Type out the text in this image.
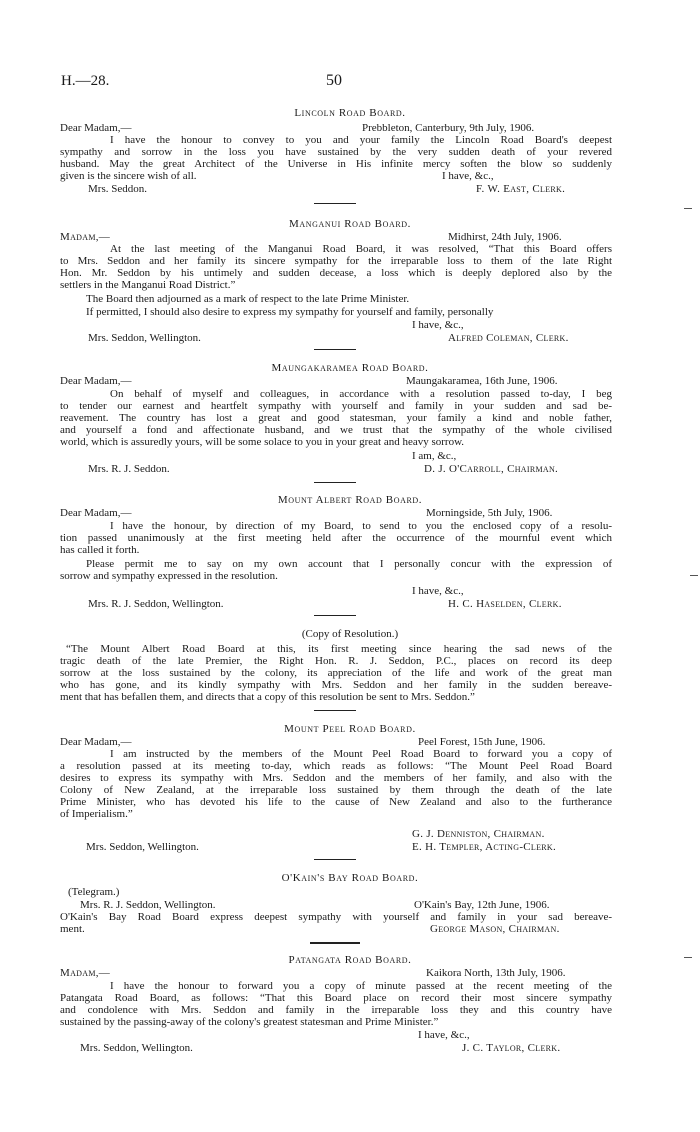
H.—28.	50
Lincoln Road Board.
Dear Madam,—	Prebbleton, Canterbury, 9th July, 1906.
I have the honour to convey to you and your family the Lincoln Road Board's deepest
sympathy and sorrow in the loss you have sustained by the very sudden death of your revered
husband. May the great Architect of the Universe in His infinite mercy soften the blow so suddenly
given is the sincere wish of all.	I have, &c.,
Mrs. Seddon.	F. W. East, Clerk.
Manganui Road Board.
Madam,—	Midhirst, 24th July, 1906.
At the last meeting of the Manganui Road Board, it was resolved, “That this Board offers
to Mrs. Seddon and her family its sincere sympathy for the irreparable loss to them of the late Right
Hon. Mr. Seddon by his untimely and sudden decease, a loss which is deeply deplored also by the
settlers in the Manganui Road District.”
The Board then adjourned as a mark of respect to the late Prime Minister.
If permitted, I should also desire to express my sympathy for yourself and family, personally
I have, &c.,
Mrs. Seddon, Wellington.	Alfred Coleman, Clerk.
Maungakaramea Road Board.
Dear Madam,—	Maungakaramea, 16th June, 1906.
On behalf of myself and colleagues, in accordance with a resolution passed to-day, I beg
to tender our earnest and heartfelt sympathy with yourself and family in your sudden and sad be-
reavement. The country has lost a great and good statesman, your family a kind and noble father,
and yourself a fond and affectionate husband, and we trust that the sympathy of the whole civilised
world, which is assuredly yours, will be some solace to you in your great and heavy sorrow.
I am, &c.,
Mrs. R. J. Seddon.	D. J. O'Carroll, Chairman.
Mount Albert Road Board.
Dear Madam,—	Morningside, 5th July, 1906.
I have the honour, by direction of my Board, to send to you the enclosed copy of a resolu-
tion passed unanimously at the first meeting held after the occurrence of the mournful event which
has called it forth.
Please permit me to say on my own account that I personally concur with the expression of
sorrow and sympathy expressed in the resolution.
I have, &c.,
Mrs. R. J. Seddon, Wellington.	H. C. Haselden, Clerk.
(Copy of Resolution.)
“The Mount Albert Road Board at this, its first meeting since hearing the sad news of the
tragic death of the late Premier, the Right Hon. R. J. Seddon, P.C., places on record its deep
sorrow at the loss sustained by the colony, its appreciation of the life and work of the great man
who has gone, and its kindly sympathy with Mrs. Seddon and her family in the sudden bereave-
ment that has befallen them, and directs that a copy of this resolution be sent to Mrs. Seddon.”
Mount Peel Road Board.
Dear Madam,—	Peel Forest, 15th June, 1906.
I am instructed by the members of the Mount Peel Road Board to forward you a copy of
a resolution passed at its meeting to-day, which reads as follows: “The Mount Peel Road Board
desires to express its sympathy with Mrs. Seddon and the members of her family, and also with the
Colony of New Zealand, at the irreparable loss sustained by them through the death of the late
Prime Minister, who has devoted his life to the cause of New Zealand and also to the furtherance
of Imperialism.”
G. J. Denniston, Chairman.
Mrs. Seddon, Wellington.	E. H. Templer, Acting-Clerk.
O'Kain's Bay Road Board.
(Telegram.)
Mrs. R. J. Seddon, Wellington.	O'Kain's Bay, 12th June, 1906.
O'Kain's Bay Road Board express deepest sympathy with yourself and family in your sad bereave-
ment.	George Mason, Chairman.
Patangata Road Board.
Madam,—	Kaikora North, 13th July, 1906.
I have the honour to forward you a copy of minute passed at the recent meeting of the
Patangata Road Board, as follows: “That this Board place on record their most sincere sympathy
and condolence with Mrs. Seddon and family in the irreparable loss they and this country have
sustained by the passing-away of the colony's greatest statesman and Prime Minister.”
I have, &c.,
Mrs. Seddon, Wellington.	J. C. Taylor, Clerk.
